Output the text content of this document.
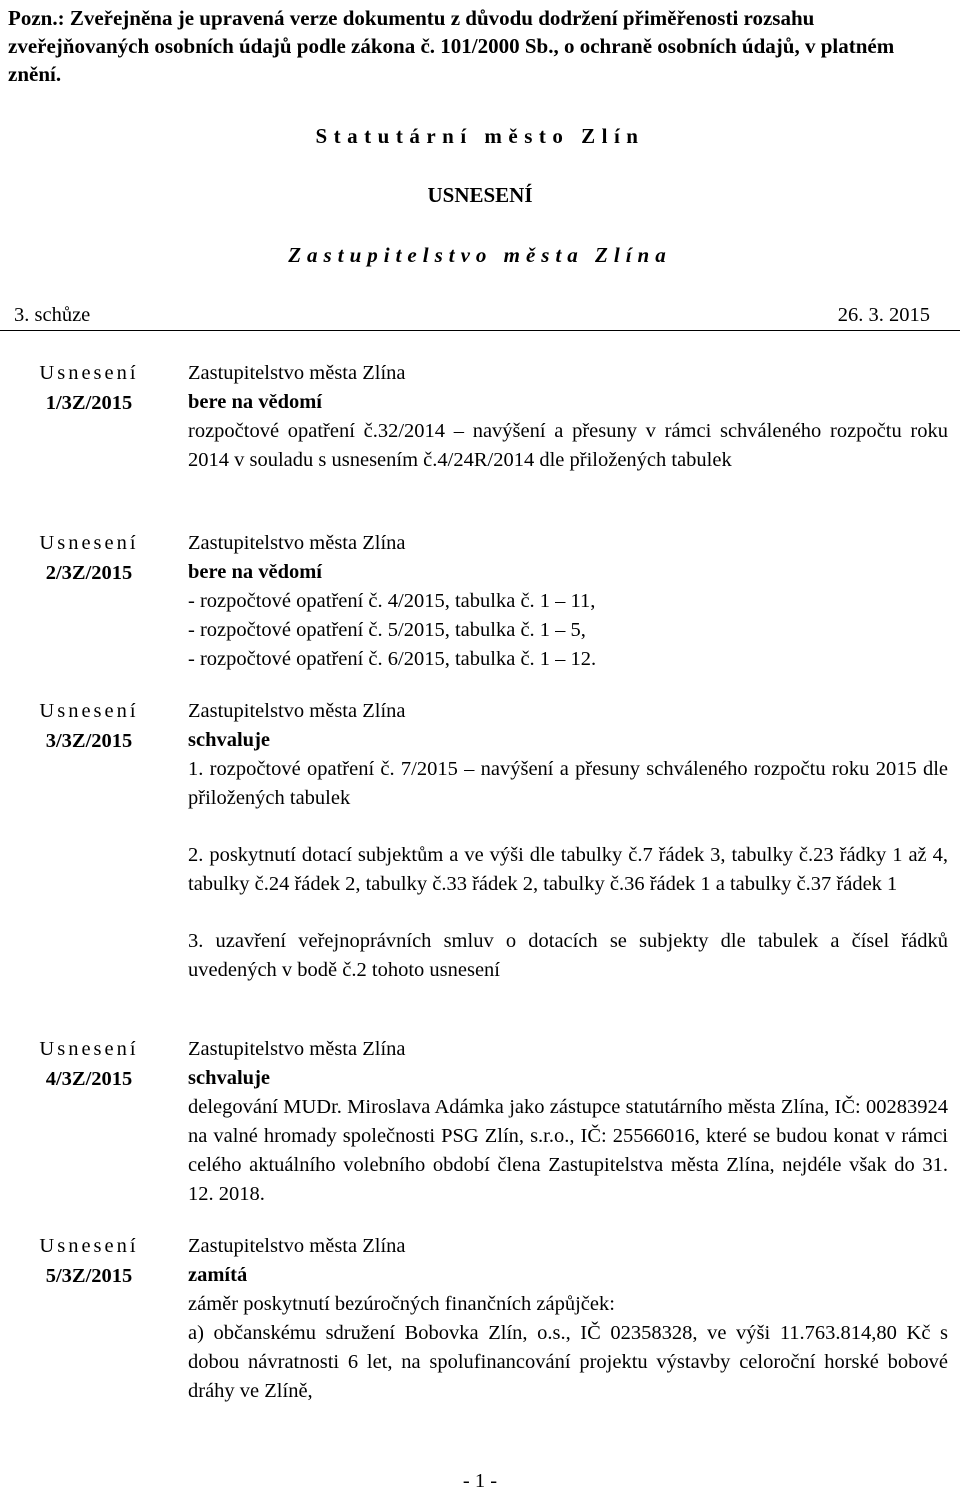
Pozn.: Zveřejněna je upravená verze dokumentu z důvodu dodržení přiměřenosti rozsahu zveřejňovaných osobních údajů podle zákona č. 101/2000 Sb., o ochraně osobních údajů, v platném znění.
Statutární město Zlín
USNESENÍ
Zastupitelstvo města Zlína
3. schůze	26. 3. 2015
Usnesení
1/3Z/2015

Zastupitelstvo města Zlína

bere na vědomí

rozpočtové opatření č.32/2014 – navýšení a přesuny v rámci schváleného rozpočtu roku 2014 v souladu s usnesením č.4/24R/2014 dle přiložených tabulek

Usnesení
2/3Z/2015

Zastupitelstvo města Zlína

bere na vědomí

- rozpočtové opatření č. 4/2015, tabulka č. 1 – 11,

- rozpočtové opatření č. 5/2015, tabulka č. 1 – 5,

- rozpočtové opatření č. 6/2015, tabulka č. 1 – 12.

Usnesení
3/3Z/2015

Zastupitelstvo města Zlína

schvaluje

1. rozpočtové opatření č. 7/2015 – navýšení a přesuny schváleného rozpočtu roku 2015 dle přiložených tabulek

2. poskytnutí dotací subjektům a ve výši dle tabulky č.7 řádek 3, tabulky č.23 řádky 1 až 4, tabulky č.24 řádek 2, tabulky č.33 řádek 2, tabulky č.36 řádek 1 a tabulky č.37 řádek 1

3. uzavření veřejnoprávních smluv o dotacích se subjekty dle tabulek a čísel řádků uvedených v bodě č.2 tohoto usnesení

Usnesení
4/3Z/2015

Zastupitelstvo města Zlína

schvaluje

delegování MUDr. Miroslava Adámka jako zástupce statutárního města Zlína, IČ: 00283924 na valné hromady společnosti PSG Zlín, s.r.o., IČ: 25566016, které se budou konat v rámci celého aktuálního volebního období člena Zastupitelstva města Zlína, nejdéle však do 31. 12. 2018.

Usnesení
5/3Z/2015

Zastupitelstvo města Zlína

zamítá

záměr poskytnutí bezúročných finančních zápůjček:

a) občanskému sdružení Bobovka Zlín, o.s., IČ 02358328, ve výši 11.763.814,80 Kč s dobou návratnosti 6 let, na spolufinancování projektu výstavby celoroční horské bobové dráhy ve Zlíně,

- 1 -
